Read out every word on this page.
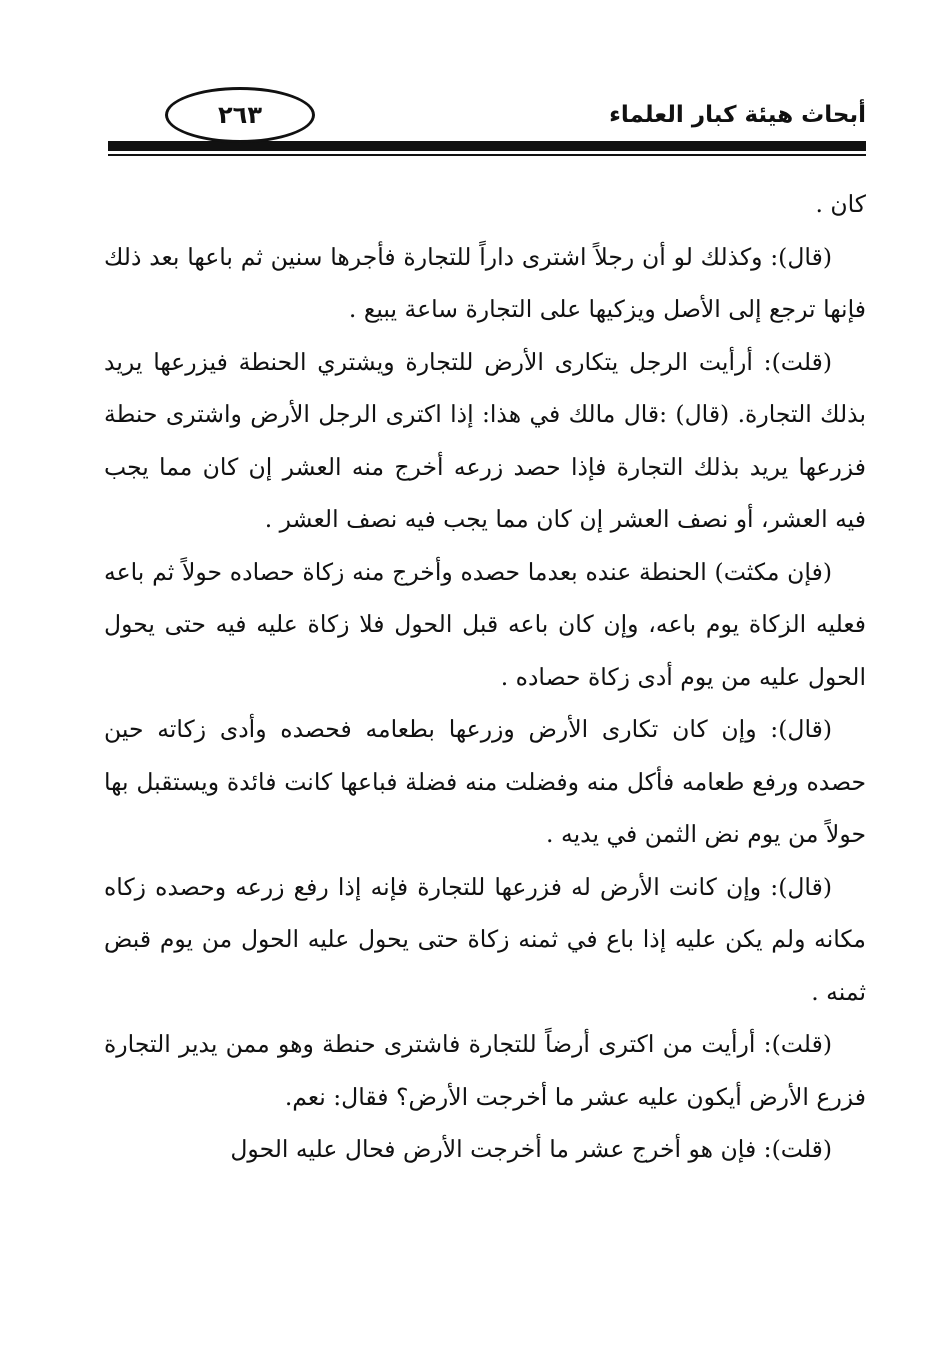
أبحاث هيئة كبار العلماء
٢٦٣

كان .

(قال): وكذلك لو أن رجلاً اشترى داراً للتجارة فأجرها سنين ثم باعها بعد ذلك فإنها ترجع إلى الأصل ويزكيها على التجارة ساعة يبيع .

(قلت): أرأيت الرجل يتكارى الأرض للتجارة ويشتري الحنطة فيزرعها يريد بذلك التجارة. (قال) :قال مالك في هذا: إذا اكترى الرجل الأرض واشترى حنطة فزرعها يريد بذلك التجارة فإذا حصد زرعه أخرج منه العشر إن كان مما يجب فيه العشر، أو نصف العشر إن كان مما يجب فيه نصف العشر .

(فإن مكثت) الحنطة عنده بعدما حصده وأخرج منه زكاة حصاده حولاً ثم باعه فعليه الزكاة يوم باعه، وإن كان باعه قبل الحول فلا زكاة عليه فيه حتى يحول الحول عليه من يوم أدى زكاة حصاده .

(قال): وإن كان تكارى الأرض وزرعها بطعامه فحصده وأدى زكاته حين حصده ورفع طعامه فأكل منه وفضلت منه فضلة فباعها كانت فائدة ويستقبل بها حولاً من يوم نض الثمن في يديه .

(قال): وإن كانت الأرض له فزرعها للتجارة فإنه إذا رفع زرعه وحصده زكاه مكانه ولم يكن عليه إذا باع في ثمنه زكاة حتى يحول عليه الحول من يوم قبض ثمنه .

(قلت): أرأيت من اكترى أرضاً للتجارة فاشترى حنطة وهو ممن يدير التجارة فزرع الأرض أيكون عليه عشر ما أخرجت الأرض؟ فقال: نعم.

(قلت): فإن هو أخرج عشر ما أخرجت الأرض فحال عليه الحول
